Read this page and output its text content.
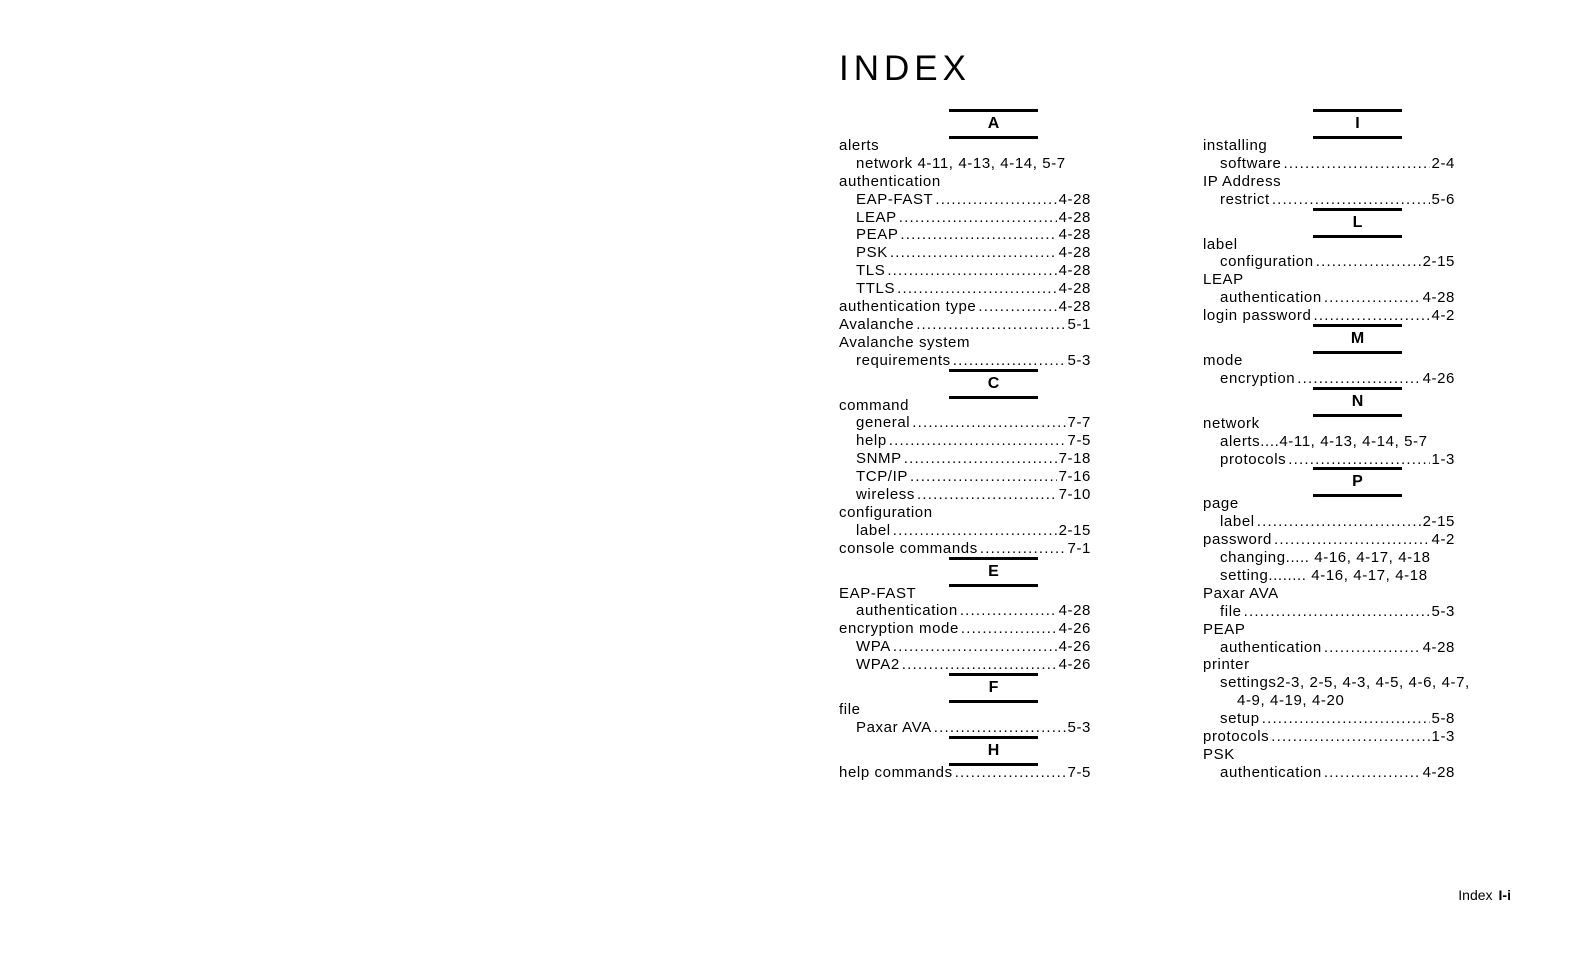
INDEX
A
alerts
network 4-11, 4-13, 4-14, 5-7
authentication
EAP-FAST .....	4-28
LEAP .....	4-28
PEAP .....	4-28
PSK .....	4-28
TLS .....	4-28
TTLS .....	4-28
authentication type .....	4-28
Avalanche .....	5-1
Avalanche system
requirements .....	5-3
C
command
general .....	7-7
help .....	7-5
SNMP .....	7-18
TCP/IP .....	7-16
wireless .....	7-10
configuration
label .....	2-15
console commands .....	7-1
E
EAP-FAST
authentication .....	4-28
encryption mode .....	4-26
WPA .....	4-26
WPA2 .....	4-26
F
file
Paxar AVA .....	5-3
H
help commands .....	7-5
I
installing
software .....	2-4
IP Address
restrict .....	5-6
L
label
configuration .....	2-15
LEAP
authentication .....	4-28
login password .....	4-2
M
mode
encryption .....	4-26
N
network
alerts....4-11, 4-13, 4-14, 5-7
protocols .....	1-3
P
page
label .....	2-15
password .....	4-2
changing..... 4-16, 4-17, 4-18
setting........ 4-16, 4-17, 4-18
Paxar AVA
file .....	5-3
PEAP
authentication .....	4-28
printer
settings2-3, 2-5, 4-3, 4-5, 4-6, 4-7,
4-9, 4-19, 4-20
setup .....	5-8
protocols .....	1-3
PSK
authentication .....	4-28
Index I-i
